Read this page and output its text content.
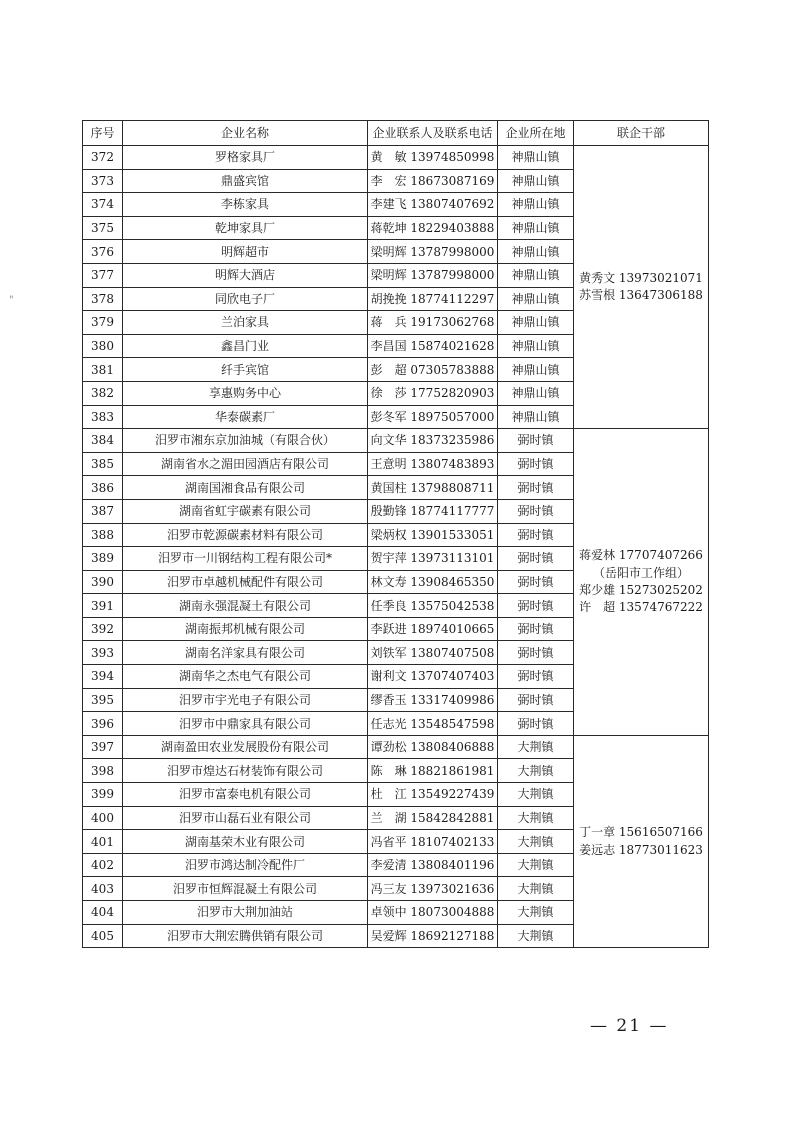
"
序号	企业名称	企业联系人及联系电话	企业所在地	联企干部
372	罗格家具厂	黄　敏 13974850998	神鼎山镇	黄秀文 13973021071
苏雪根 13647306188

373	鼎盛宾馆	李　宏 18673087169	神鼎山镇	
374	李栋家具	李建飞 13807407692	神鼎山镇	
375	乾坤家具厂	蒋乾坤 18229403888	神鼎山镇	
376	明辉超市	梁明辉 13787998000	神鼎山镇	
377	明辉大酒店	梁明辉 13787998000	神鼎山镇	
378	同欣电子厂	胡挽挽 18774112297	神鼎山镇	
379	兰泊家具	蒋　兵 19173062768	神鼎山镇	
380	鑫昌门业	李昌国 15874021628	神鼎山镇	
381	纤手宾馆	彭　超 07305783888	神鼎山镇	
382	享惠购务中心	徐　莎 17752820903	神鼎山镇	
383	华泰碳素厂	彭冬军 18975057000	神鼎山镇	
384	汨罗市湘东京加油城（有限合伙）	向文华 18373235986	弼时镇	蒋爱林 17707407266
（岳阳市工作组）
郑少雄 15273025202
许　超 13574767222

385	湖南省水之湄田园酒店有限公司	王意明 13807483893	弼时镇	
386	湖南国湘食品有限公司	黄国柱 13798808711	弼时镇	
387	湖南省虹宇碳素有限公司	殷勤锋 18774117777	弼时镇	
388	汨罗市乾源碳素材料有限公司	梁炳权 13901533051	弼时镇	
389	汨罗市一川钢结构工程有限公司*	贺宇萍 13973113101	弼时镇	
390	汨罗市卓越机械配件有限公司	林文寿 13908465350	弼时镇	
391	湖南永强混凝土有限公司	任季良 13575042538	弼时镇	
392	湖南振邦机械有限公司	李跃进 18974010665	弼时镇	
393	湖南名洋家具有限公司	刘铁军 13807407508	弼时镇	
394	湖南华之杰电气有限公司	谢利文 13707407403	弼时镇	
395	汨罗市宇光电子有限公司	缪香玉 13317409986	弼时镇	
396	汨罗市中鼎家具有限公司	任志光 13548547598	弼时镇	
397	湖南盈田农业发展股份有限公司	谭劲松 13808406888	大荆镇	丁一章 15616507166
姜远志 18773011623

398	汨罗市煌达石材装饰有限公司	陈　琳 18821861981	大荆镇	
399	汨罗市富泰电机有限公司	杜　江 13549227439	大荆镇	
400	汨罗市山磊石业有限公司	兰　湖 15842842881	大荆镇	
401	湖南基荣木业有限公司	冯省平 18107402133	大荆镇	
402	汨罗市鸿达制冷配件厂	李爱清 13808401196	大荆镇	
403	汨罗市恒辉混凝土有限公司	冯三友 13973021636	大荆镇	
404	汨罗市大荆加油站	卓领中 18073004888	大荆镇	
405	汨罗市大荆宏腾供销有限公司	吴爱辉 18692127188	大荆镇	
— 21 —
